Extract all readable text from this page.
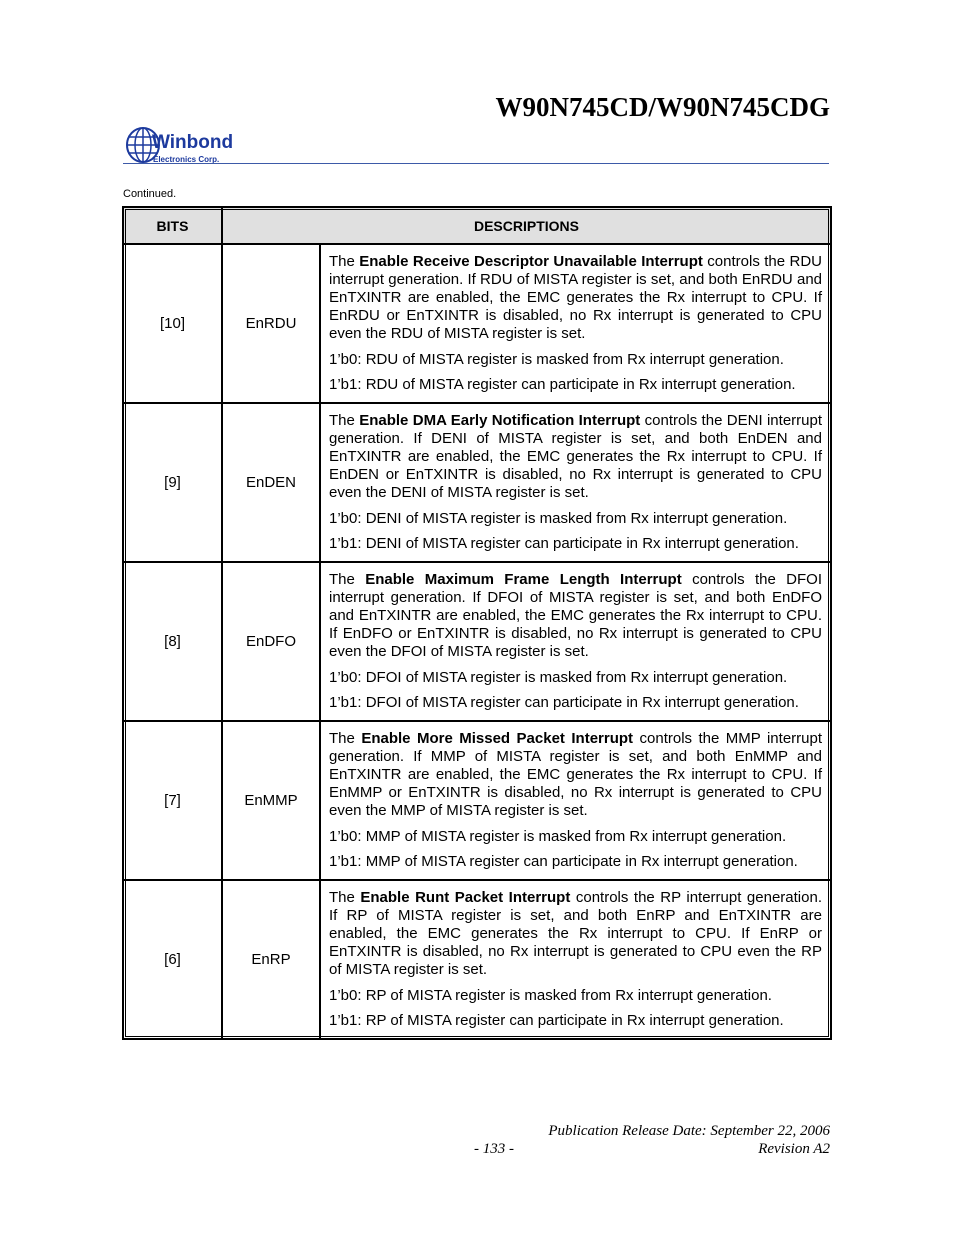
W90N745CD/W90N745CDG
Winbond
Electronics Corp.
Continued.
BITS	DESCRIPTIONS	
[10]	EnRDU	The Enable Receive Descriptor Unavailable Interrupt controls the RDU interrupt generation. If RDU of MISTA register is set, and both EnRDU and EnTXINTR are enabled, the EMC generates the Rx interrupt to CPU. If EnRDU or EnTXINTR is disabled, no Rx interrupt is generated to CPU even the RDU of MISTA register is set.

1’b0: RDU of MISTA register is masked from Rx interrupt generation.

1’b1: RDU of MISTA register can participate in Rx interrupt generation.

[9]	EnDEN	The Enable DMA Early Notification Interrupt controls the DENI interrupt generation. If DENI of MISTA register is set, and both EnDEN and EnTXINTR are enabled, the EMC generates the Rx interrupt to CPU. If EnDEN or EnTXINTR is disabled, no Rx interrupt is generated to CPU even the DENI of MISTA register is set.

1’b0: DENI of MISTA register is masked from Rx interrupt generation.

1’b1: DENI of MISTA register can participate in Rx interrupt generation.

[8]	EnDFO	The Enable Maximum Frame Length Interrupt controls the DFOI interrupt generation. If DFOI of MISTA register is set, and both EnDFO and EnTXINTR are enabled, the EMC generates the Rx interrupt to CPU. If EnDFO or EnTXINTR is disabled, no Rx interrupt is generated to CPU even the DFOI of MISTA register is set.

1’b0: DFOI of MISTA register is masked from Rx interrupt generation.

1’b1: DFOI of MISTA register can participate in Rx interrupt generation.

[7]	EnMMP	The Enable More Missed Packet Interrupt controls the MMP interrupt generation. If MMP of MISTA register is set, and both EnMMP and EnTXINTR are enabled, the EMC generates the Rx interrupt to CPU. If EnMMP or EnTXINTR is disabled, no Rx interrupt is generated to CPU even the MMP of MISTA register is set.

1’b0: MMP of MISTA register is masked from Rx interrupt generation.

1’b1: MMP of MISTA register can participate in Rx interrupt generation.

[6]	EnRP	The Enable Runt Packet Interrupt controls the RP interrupt generation. If RP of MISTA register is set, and both EnRP and EnTXINTR are enabled, the EMC generates the Rx interrupt to CPU. If EnRP or EnTXINTR is disabled, no Rx interrupt is generated to CPU even the RP of MISTA register is set.

1’b0: RP of MISTA register is masked from Rx interrupt generation.

1’b1: RP of MISTA register can participate in Rx interrupt generation.

Publication Release Date: September 22, 2006
- 133 -	Revision A2
